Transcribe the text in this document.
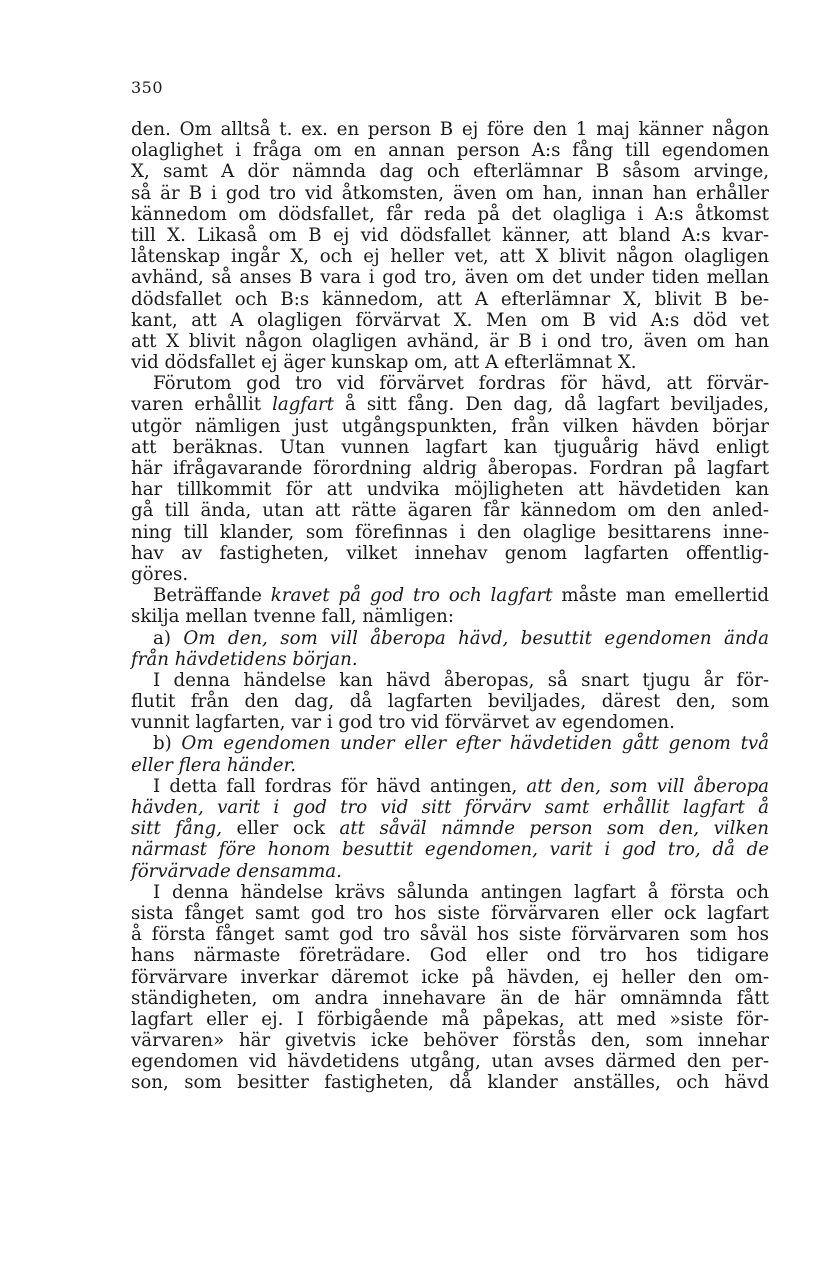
350
den. Om alltså t. ex. en person B ej före den 1 maj känner någon
olaglighet i fråga om en annan person A:s fång till egendomen
X, samt A dör nämnda dag och efterlämnar B såsom arvinge,
så är B i god tro vid åtkomsten, även om han, innan han erhåller
kännedom om dödsfallet, får reda på det olagliga i A:s åtkomst
till X. Likaså om B ej vid dödsfallet känner, att bland A:s kvar-
låtenskap ingår X, och ej heller vet, att X blivit någon olagligen
avhänd, så anses B vara i god tro, även om det under tiden mellan
dödsfallet och B:s kännedom, att A efterlämnar X, blivit B be-
kant, att A olagligen förvärvat X. Men om B vid A:s död vet
att X blivit någon olagligen avhänd, är B i ond tro, även om han
vid dödsfallet ej äger kunskap om, att A efterlämnat X.
Förutom god tro vid förvärvet fordras för hävd, att förvär-
varen erhållit lagfart å sitt fång. Den dag, då lagfart beviljades,
utgör nämligen just utgångspunkten, från vilken hävden börjar
att beräknas. Utan vunnen lagfart kan tjuguårig hävd enligt
här ifrågavarande förordning aldrig åberopas. Fordran på lagfart
har tillkommit för att undvika möjligheten att hävdetiden kan
gå till ända, utan att rätte ägaren får kännedom om den anled-
ning till klander, som förefinnas i den olaglige besittarens inne-
hav av fastigheten, vilket innehav genom lagfarten offentlig-
göres.
Beträffande kravet på god tro och lagfart måste man emellertid
skilja mellan tvenne fall, nämligen:
a) Om den, som vill åberopa hävd, besuttit egendomen ända
från hävdetidens början.
I denna händelse kan hävd åberopas, så snart tjugu år för-
flutit från den dag, då lagfarten beviljades, därest den, som
vunnit lagfarten, var i god tro vid förvärvet av egendomen.
b) Om egendomen under eller efter hävdetiden gått genom två
eller flera händer.
I detta fall fordras för hävd antingen, att den, som vill åberopa
hävden, varit i god tro vid sitt förvärv samt erhållit lagfart å
sitt fång, eller ock att såväl nämnde person som den, vilken
närmast före honom besuttit egendomen, varit i god tro, då de
förvärvade densamma.
I denna händelse krävs sålunda antingen lagfart å första och
sista fånget samt god tro hos siste förvärvaren eller ock lagfart
å första fånget samt god tro såväl hos siste förvärvaren som hos
hans närmaste företrädare. God eller ond tro hos tidigare
förvärvare inverkar däremot icke på hävden, ej heller den om-
ständigheten, om andra innehavare än de här omnämnda fått
lagfart eller ej. I förbigående må påpekas, att med »siste för-
värvaren» här givetvis icke behöver förstås den, som innehar
egendomen vid hävdetidens utgång, utan avses därmed den per-
son, som besitter fastigheten, då klander anställes, och hävd
